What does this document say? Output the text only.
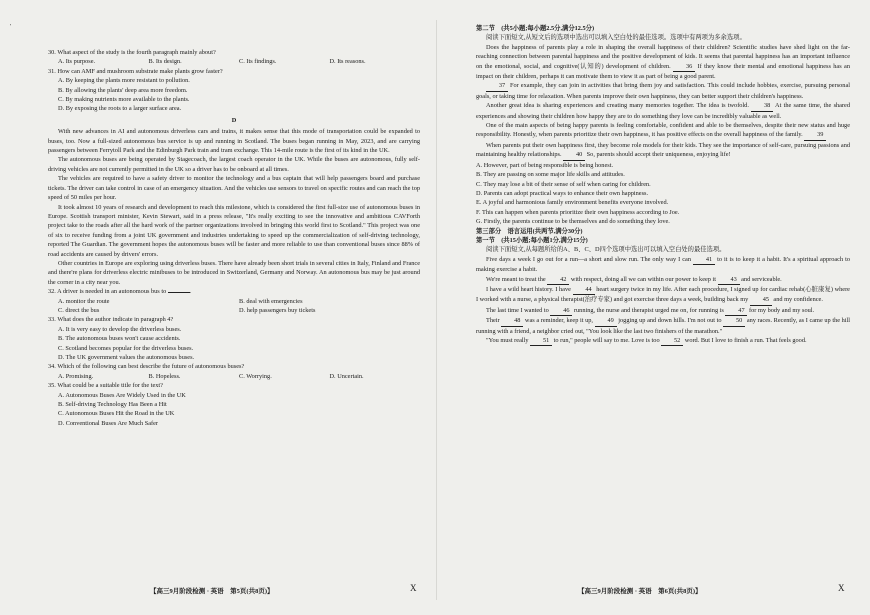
'

30. What aspect of the study is the fourth paragraph mainly about?

A. Its purpose.	B. Its design.	C. Its findings.	D. Its reasons.

31. How can AMF and mushroom substrate make plants grow faster?

A. By keeping the plants more resistant to pollution.

B. By allowing the plants' deep area more freedom.

C. By making nutrients more available to the plants.

D. By exposing the roots to a larger surface area.

D

With new advances in AI and autonomous driverless cars and trains, it makes sense that this mode of transportation could be expanded to buses, too. Now a full-sized autonomous bus service is up and running in Scotland. The buses began running in May, 2023, and are carrying passengers between Ferrytoll Park and the Edinburgh Park train and tram exchange. This 14-mile route is the first of its kind in the UK.

The autonomous buses are being operated by Stagecoach, the largest coach operator in the UK. While the buses are autonomous, fully self-driving vehicles are not currently permitted in the UK so a driver has to be onboard at all times.

The vehicles are required to have a safety driver to monitor the technology and a bus captain that will help passengers board and purchase tickets. The driver can take control in case of an emergency situation. And the vehicles use sensors to travel on specific routes and can reach the top speed of 50 miles per hour.

It took almost 10 years of research and development to reach this milestone, which is considered the first full-size use of autonomous buses in Europe. Scottish transport minister, Kevin Stewart, said in a press release, "It's really exciting to see the innovative and ambitious CAVForth project take to the roads after all the hard work of the partner organizations involved in bringing this world first to Scotland." This project was one of six to receive funding from a joint UK government and industries undertaking to speed up the commercialization of self-driving technology, reported The Guardian. The government hopes the autonomous buses will be faster and more reliable to use than conventional buses since 88% of road accidents are caused by drivers' errors.

Other countries in Europe are exploring using driverless buses. There have already been short trials in several cities in Italy, Finland and France and there're plans for driverless electric minibuses to be introduced in Switzerland, Germany and Norway. An autonomous bus may be just around the corner in a city near you.

32. A driver is needed in an autonomous bus to	.

A. monitor the route	B. deal with emergencies
C. direct the bus	D. help passengers buy tickets

33. What does the author indicate in paragraph 4?

A. It is very easy to develop the driverless buses.

B. The autonomous buses won't cause accidents.

C. Scotland becomes popular for the driverless buses.

D. The UK government values the autonomous buses.

34. Which of the following can best describe the future of autonomous buses?

A. Promising.	B. Hopeless.	C. Worrying.	D. Uncertain.

35. What could be a suitable title for the text?

A. Autonomous Buses Are Widely Used in the UK

B. Self-driving Technology Has Been a Hit

C. Autonomous Buses Hit the Road in the UK

D. Conventional Buses Are Much Safer

第二节　(共5小题;每小题2.5分,满分12.5分)

阅读下面短文,从短文后的选项中选出可以填入空白处的最佳选项。选项中有两项为多余选项。

Does the happiness of parents play a role in shaping the overall happiness of their children? Scientific studies have shed light on the far-reaching connection between parental happiness and the positive development of kids. It seems that parental happiness has an important influence on the emotional, social, and cognitive(认知的) development of children. 36 If they know their mental and emotional happiness has an impact on their children, perhaps it can motivate them to view it as part of being a good parent.

37 For example, they can join in activities that bring them joy and satisfaction. This could include hobbies, exercise, pursuing personal goals, or taking time for relaxation. When parents improve their own happiness, they can better support their children's happiness.

Another great idea is sharing experiences and creating many memories together. The idea is twofold. 38 At the same time, the shared experiences and showing their children how happy they are to do something they love can be incredibly valuable as well.

One of the main aspects of being happy parents is feeling comfortable, confident and able to be themselves, despite their new status and huge responsibility. Honestly, when parents prioritize their own happiness, it has positive effects on the overall happiness of the family. 39

When parents put their own happiness first, they become role models for their kids. They see the importance of self-care, pursuing passions and maintaining healthy relationships. 40 So, parents should accept their uniqueness, enjoying life!

A. However, part of being responsible is being honest.

B. They are passing on some major life skills and attitudes.

C. They may lose a bit of their sense of self when caring for children.

D. Parents can adopt practical ways to enhance their own happiness.

E. A joyful and harmonious family environment benefits everyone involved.

F. This can happen when parents prioritize their own happiness according to Joe.

G. Firstly, the parents continue to be themselves and do something they love.

第三部分　语言运用(共两节,满分30分)

第一节　(共15小题;每小题1分,满分15分)

阅读下面短文,从每题所给的A、B、C、D四个选项中选出可以填入空白处的最佳选项。

Five days a week I go out for a run—a short and slow run. The only way I can 41 to it is to keep it a habit. It's a spiritual approach to making exercise a habit.

We're meant to treat the 42 with respect, doing all we can within our power to keep it 43 and serviceable.

I have a wild heart history. I have 44 heart surgery twice in my life. After each procedure, I signed up for cardiac rehab(心脏康复) where I worked with a nurse, a physical therapist(治疗专家) and got exercise three days a week, building back my 45 and my confidence.

The last time I wanted to 46 running, the nurse and therapist urged me on, for running is 47 for my body and my soul.

Their 48 was a reminder, keep it up, 49 jogging up and down hills. I'm not out to 50 any races. Recently, as I came up the hill running with a friend, a neighbor cried out, "You look like the last two finishers of the marathon."

"You must really 51 to run," people will say to me. Love is too 52 word. But I love to finish a run. That feels good.

【高三9月阶段检测 · 英语　第5页(共8页)】	X	【高三9月阶段检测 · 英语　第6页(共8页)】	X
